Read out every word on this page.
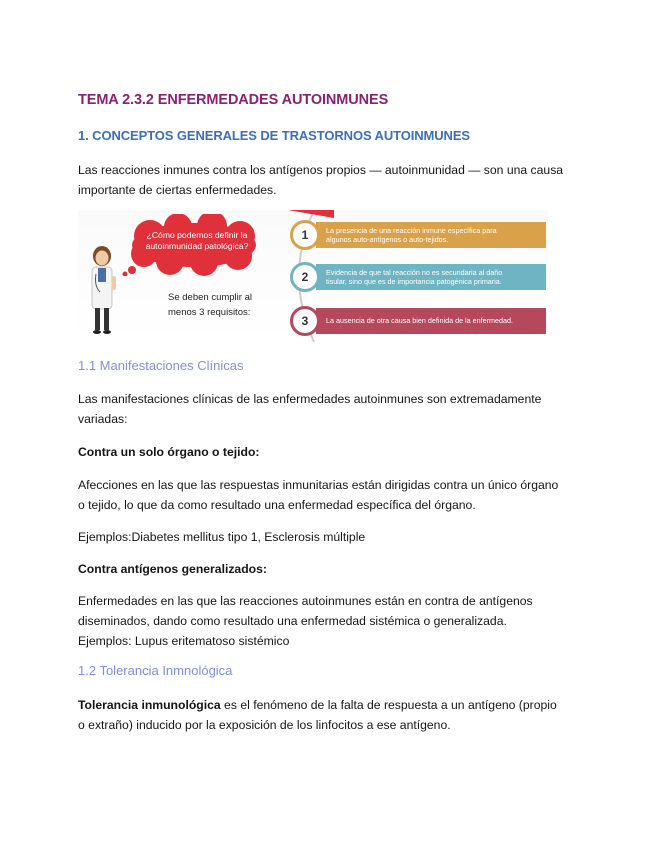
TEMA 2.3.2 ENFERMEDADES AUTOINMUNES
1. CONCEPTOS GENERALES DE TRASTORNOS AUTOINMUNES

Las reacciones inmunes contra los antígenos propios — autoinmunidad — son una causa
importante de ciertas enfermedades.

¿Cómo podemos definir la
autoinmunidad patológica?
Se deben cumplir al
menos 3 requisitos:
La presencia de una reacción inmune específica para
algunos auto-antígenos o auto-tejidos.
Evidencia de que tal reacción no es secundaria al daño
tisular, sino que es de importancia patogénica primaria.
La ausencia de otra causa bien definida de la enfermedad.
1
2
3
1.1 Manifestaciones Clínicas

Las manifestaciones clínicas de las enfermedades autoinmunes son extremadamente
variadas:

Contra un solo órgano o tejido:

Afecciones en las que las respuestas inmunitarias están dirigidas contra un único órgano
o tejido, lo que da como resultado una enfermedad específica del órgano.

Ejemplos:Diabetes mellitus tipo 1, Esclerosis múltiple

Contra antígenos generalizados:

Enfermedades en las que las reacciones autoinmunes están en contra de antígenos
diseminados, dando como resultado una enfermedad sistémica o generalizada.
Ejemplos: Lupus eritematoso sistémico

1.2 Tolerancia Inmnológica

Tolerancia inmunológica es el fenómeno de la falta de respuesta a un antígeno (propio
o extraño) inducido por la exposición de los linfocitos a ese antígeno.
